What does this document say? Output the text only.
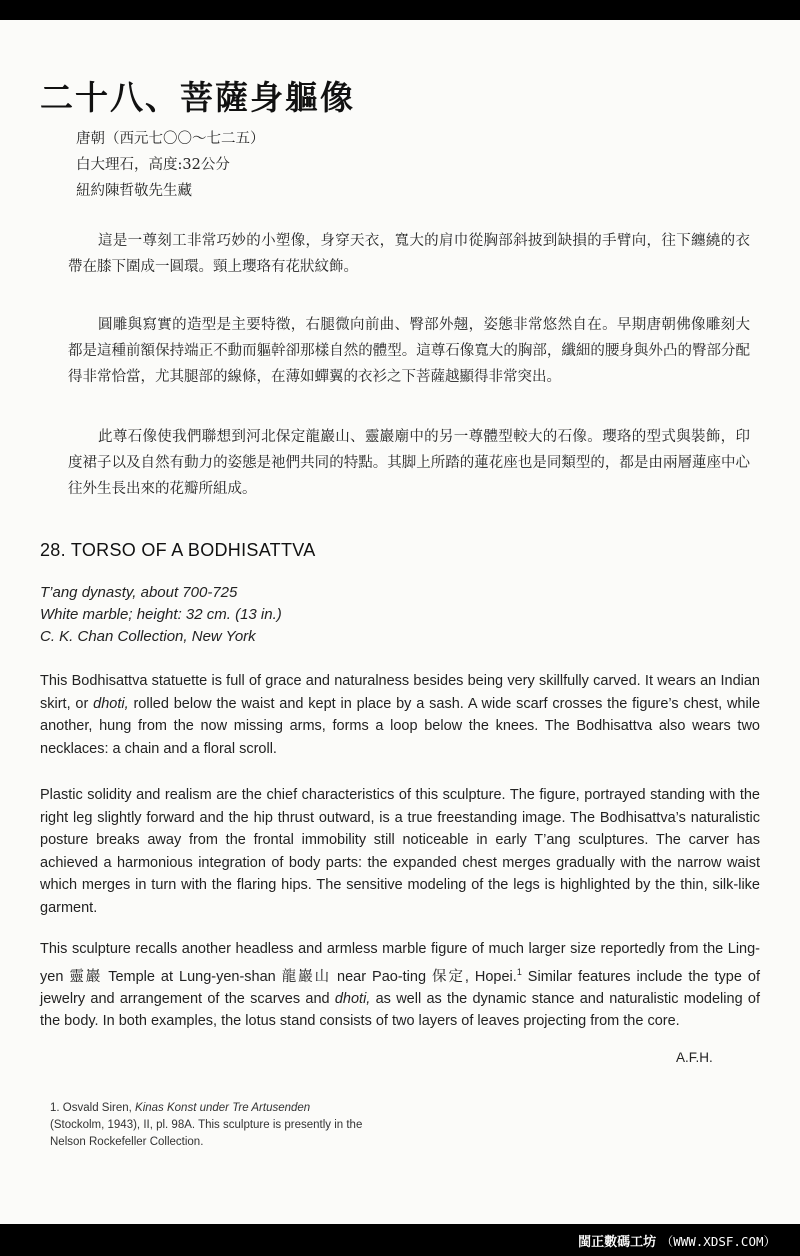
二十八、菩薩身軀像
唐朝（西元七〇〇～七二五）
白大理石，高度:32公分
紐約陳哲敬先生藏

這是一尊刻工非常巧妙的小塑像，身穿天衣，寬大的肩巾從胸部斜披到缺損的手臂向，往下纏繞的衣帶在膝下圍成一圓環。頸上瓔珞有花狀紋飾。

圓雕與寫實的造型是主要特徵，右腿微向前曲、臀部外翹，姿態非常悠然自在。早期唐朝佛像雕刻大都是這種前額保持端正不動而軀幹卻那樣自然的體型。這尊石像寬大的胸部，纖細的腰身與外凸的臀部分配得非常恰當，尤其腿部的線條，在薄如蟬翼的衣衫之下菩薩越顯得非常突出。

此尊石像使我們聯想到河北保定龍巖山、靈巖廟中的另一尊體型較大的石像。瓔珞的型式與裝飾，印度裙子以及自然有動力的姿態是祂們共同的特點。其脚上所踏的蓮花座也是同類型的，都是由兩層蓮座中心往外生長出來的花瓣所組成。

28. TORSO OF A BODHISATTVA
T’ang dynasty, about 700-725
White marble; height: 32 cm. (13 in.)
C. K. Chan Collection, New York

This Bodhisattva statuette is full of grace and naturalness besides being very skillfully carved. It wears an Indian skirt, or dhoti, rolled below the waist and kept in place by a sash. A wide scarf crosses the figure’s chest, while another, hung from the now missing arms, forms a loop below the knees. The Bodhisattva also wears two necklaces: a chain and a floral scroll.

Plastic solidity and realism are the chief characteristics of this sculpture. The figure, portrayed standing with the right leg slightly forward and the hip thrust outward, is a true freestanding image. The Bodhisattva’s naturalistic posture breaks away from the frontal immobility still noticeable in early T’ang sculptures. The carver has achieved a harmonious integration of body parts: the expanded chest merges gradually with the narrow waist which merges in turn with the flaring hips. The sensitive modeling of the legs is highlighted by the thin, silk-like garment.

This sculpture recalls another headless and armless marble figure of much larger size reportedly from the Ling-yen 靈巖 Temple at Lung-yen-shan 龍巖山 near Pao-ting 保定, Hopei.$^1$ Similar features include the type of jewelry and arrangement of the scarves and dhoti, as well as the dynamic stance and naturalistic modeling of the body. In both examples, the lotus stand consists of two layers of leaves projecting from the core.

A.F.H.

1. Osvald Siren, Kinas Konst under Tre Artusenden
(Stockolm, 1943), II, pl. 98A. This sculpture is presently in the Nelson Rockefeller Collection.

閩正數碼工坊 （WWW.XDSF.COM）
